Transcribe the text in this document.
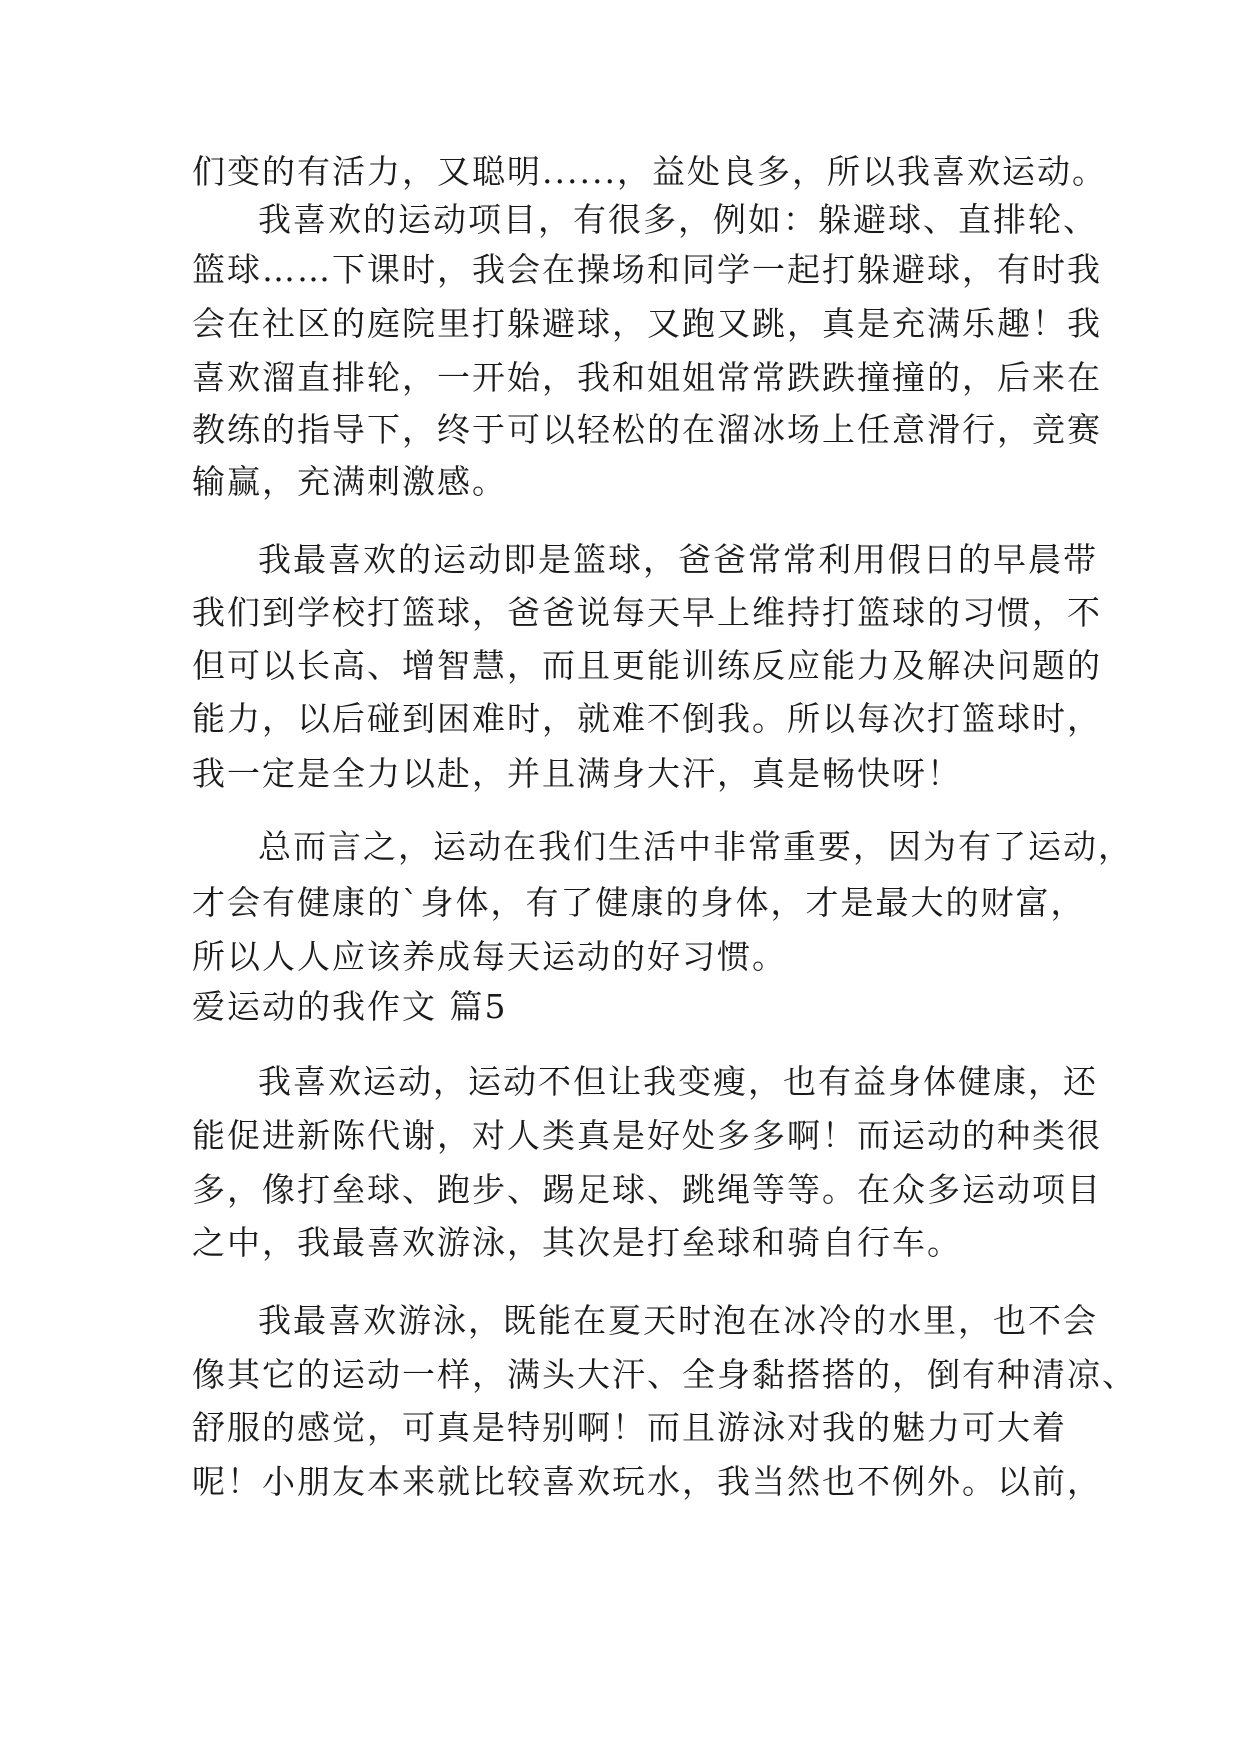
们变的有活力，又聪明......，益处良多，所以我喜欢运动。
我喜欢的运动项目，有很多，例如：躲避球、直排轮、
篮球……下课时，我会在操场和同学一起打躲避球，有时我
会在社区的庭院里打躲避球，又跑又跳，真是充满乐趣！我
喜欢溜直排轮，一开始，我和姐姐常常跌跌撞撞的，后来在
教练的指导下，终于可以轻松的在溜冰场上任意滑行，竞赛
输赢，充满刺激感。
我最喜欢的运动即是篮球，爸爸常常利用假日的早晨带
我们到学校打篮球，爸爸说每天早上维持打篮球的习惯，不
但可以长高、增智慧，而且更能训练反应能力及解决问题的
能力，以后碰到困难时，就难不倒我。所以每次打篮球时，
我一定是全力以赴，并且满身大汗，真是畅快呀！
总而言之，运动在我们生活中非常重要，因为有了运动，
才会有健康的`身体，有了健康的身体，才是最大的财富，
所以人人应该养成每天运动的好习惯。
爱运动的我作文 篇5
我喜欢运动，运动不但让我变瘦，也有益身体健康，还
能促进新陈代谢，对人类真是好处多多啊！而运动的种类很
多，像打垒球、跑步、踢足球、跳绳等等。在众多运动项目
之中，我最喜欢游泳，其次是打垒球和骑自行车。
我最喜欢游泳，既能在夏天时泡在冰冷的水里，也不会
像其它的运动一样，满头大汗、全身黏搭搭的，倒有种清凉、
舒服的感觉，可真是特别啊！而且游泳对我的魅力可大着
呢！小朋友本来就比较喜欢玩水，我当然也不例外。以前，
